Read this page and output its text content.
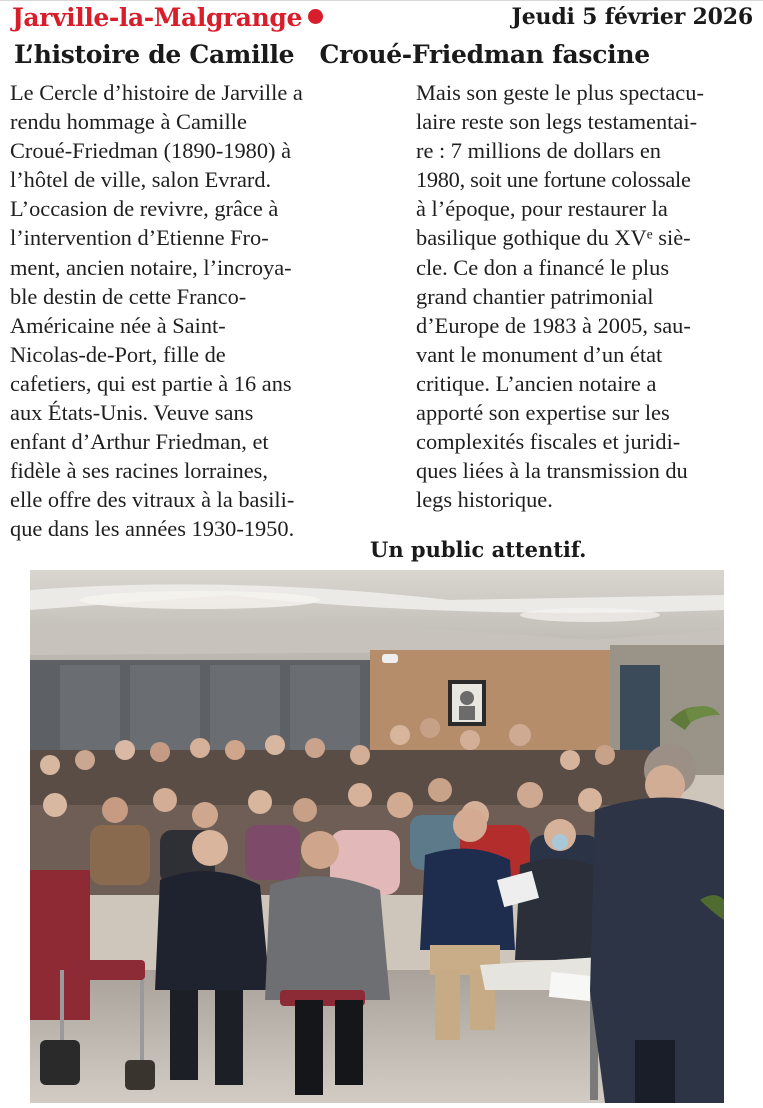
Jarville-la-Malgrange	Jeudi 5 février 2026
L’histoire de Camille   Croué-Friedman fascine
Le Cercle d’histoire de Jarville a
rendu hommage à Camille
Croué-Friedman (1890-1980) à
l’hôtel de ville, salon Evrard.
L’occasion de revivre, grâce à
l’intervention d’Etienne Fro-
ment, ancien notaire, l’incroya-
ble destin de cette Franco-
Américaine née à Saint-
Nicolas-de-Port, fille de
cafetiers, qui est partie à 16 ans
aux États-Unis. Veuve sans
enfant d’Arthur Friedman, et
fidèle à ses racines lorraines,
elle offre des vitraux à la basili-
que dans les années 1930-1950.
Mais son geste le plus spectacu-
laire reste son legs testamentai-
re : 7 millions de dollars en
1980, soit une fortune colossale
à l’époque, pour restaurer la
basilique gothique du XVe siè-
cle. Ce don a financé le plus
grand chantier patrimonial
d’Europe de 1983 à 2005, sau-
vant le monument d’un état
critique. L’ancien notaire a
apporté son expertise sur les
complexités fiscales et juridi-
ques liées à la transmission du
legs historique.
Un public attentif.
